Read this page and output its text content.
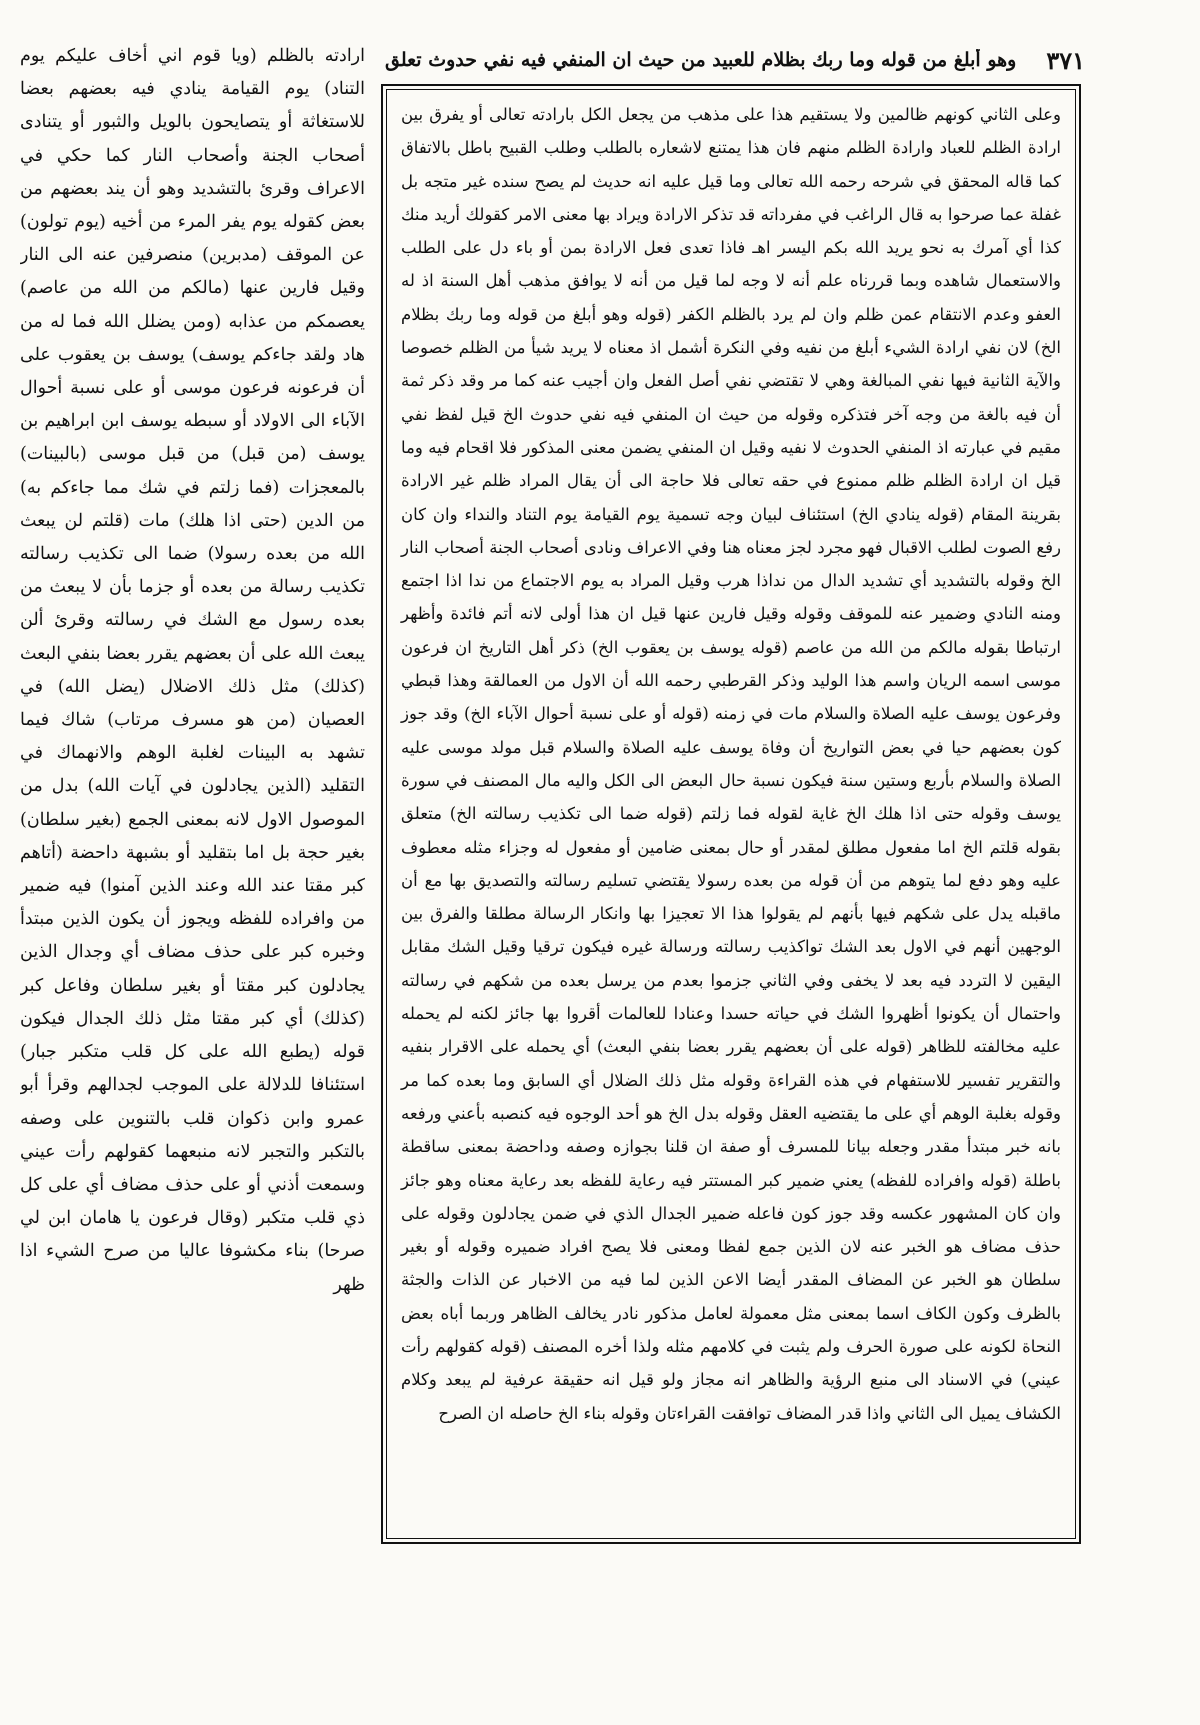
٣٧١
وهو أبلغ من قوله وما ربك بظلام للعبيد من حيث ان المنفي فيه نفي حدوث تعلق

وعلى الثاني كونهم ظالمين ولا يستقيم هذا على مذهب من يجعل الكل بارادته تعالى أو يفرق بين ارادة الظلم للعباد وارادة الظلم منهم فان هذا يمتنع لاشعاره بالطلب وطلب القبيح باطل بالاتفاق كما قاله المحقق في شرحه رحمه الله تعالى وما قيل عليه انه حديث لم يصح سنده غير متجه بل غفلة عما صرحوا به قال الراغب في مفرداته قد تذكر الارادة ويراد بها معنى الامر كقولك أريد منك كذا أي آمرك به نحو يريد الله بكم اليسر اهـ فاذا تعدى فعل الارادة بمن أو باء دل على الطلب والاستعمال شاهده وبما قررناه علم أنه لا وجه لما قيل من أنه لا يوافق مذهب أهل السنة اذ له العفو وعدم الانتقام عمن ظلم وان لم يرد بالظلم الكفر (قوله وهو أبلغ من قوله وما ربك بظلام الخ) لان نفي ارادة الشيء أبلغ من نفيه وفي النكرة أشمل اذ معناه لا يريد شيأ من الظلم خصوصا والآية الثانية فيها نفي المبالغة وهي لا تقتضي نفي أصل الفعل وان أجيب عنه كما مر وقد ذكر ثمة أن فيه بالغة من وجه آخر فتذكره وقوله من حيث ان المنفي فيه نفي حدوث الخ قيل لفظ نفي مقيم في عبارته اذ المنفي الحدوث لا نفيه وقيل ان المنفي يضمن معنى المذكور فلا اقحام فيه وما قيل ان ارادة الظلم ظلم ممنوع في حقه تعالى فلا حاجة الى أن يقال المراد ظلم غير الارادة بقرينة المقام (قوله ينادي الخ) استئناف لبيان وجه تسمية يوم القيامة يوم التناد والنداء وان كان رفع الصوت لطلب الاقبال فهو مجرد لجز معناه هنا وفي الاعراف ونادى أصحاب الجنة أصحاب النار الخ وقوله بالتشديد أي تشديد الدال من نداذا هرب وقيل المراد به يوم الاجتماع من ندا اذا اجتمع ومنه النادي وضمير عنه للموقف وقوله وقيل فارين عنها قيل ان هذا أولى لانه أتم فائدة وأظهر ارتباطا بقوله مالكم من الله من عاصم (قوله يوسف بن يعقوب الخ) ذكر أهل التاريخ ان فرعون موسى اسمه الريان واسم هذا الوليد وذكر القرطبي رحمه الله أن الاول من العمالقة وهذا قبطي وفرعون يوسف عليه الصلاة والسلام مات في زمنه (قوله أو على نسبة أحوال الآباء الخ) وقد جوز كون بعضهم حيا في بعض التواريخ أن وفاة يوسف عليه الصلاة والسلام قبل مولد موسى عليه الصلاة والسلام بأربع وستين سنة فيكون نسبة حال البعض الى الكل واليه مال المصنف في سورة يوسف وقوله حتى اذا هلك الخ غاية لقوله فما زلتم (قوله ضما الى تكذيب رسالته الخ) متعلق بقوله قلتم الخ اما مفعول مطلق لمقدر أو حال بمعنى ضامين أو مفعول له وجزاء مثله معطوف عليه وهو دفع لما يتوهم من أن قوله من بعده رسولا يقتضي تسليم رسالته والتصديق بها مع أن ماقبله يدل على شكهم فيها بأنهم لم يقولوا هذا الا تعجيزا بها وانكار الرسالة مطلقا والفرق بين الوجهين أنهم في الاول بعد الشك تواكذيب رسالته ورسالة غيره فيكون ترقيا وقيل الشك مقابل اليقين لا التردد فيه بعد لا يخفى وفي الثاني جزموا بعدم من يرسل بعده من شكهم في رسالته واحتمال أن يكونوا أظهروا الشك في حياته حسدا وعنادا للعالمات أقروا بها جائز لكنه لم يحمله عليه مخالفته للظاهر (قوله على أن بعضهم يقرر بعضا بنفي البعث) أي يحمله على الاقرار بنفيه والتقرير تفسير للاستفهام في هذه القراءة وقوله مثل ذلك الضلال أي السابق وما بعده كما مر وقوله بغلبة الوهم أي على ما يقتضيه العقل وقوله بدل الخ هو أحد الوجوه فيه كنصبه بأعني ورفعه بانه خبر مبتدأ مقدر وجعله بيانا للمسرف أو صفة ان قلنا بجوازه وصفه وداحضة بمعنى ساقطة باطلة (قوله وافراده للفظه) يعني ضمير كبر المستتر فيه رعاية للفظه بعد رعاية معناه وهو جائز وان كان المشهور عكسه وقد جوز كون فاعله ضمير الجدال الذي في ضمن يجادلون وقوله على حذف مضاف هو الخبر عنه لان الذين جمع لفظا ومعنى فلا يصح افراد ضميره وقوله أو بغير سلطان هو الخبر عن المضاف المقدر أيضا الاعن الذين لما فيه من الاخبار عن الذات والجثة بالظرف وكون الكاف اسما بمعنى مثل معمولة لعامل مذكور نادر يخالف الظاهر وربما أباه بعض النحاة لكونه على صورة الحرف ولم يثبت في كلامهم مثله ولذا أخره المصنف (قوله كقولهم رأت عيني) في الاسناد الى منبع الرؤية والظاهر انه مجاز ولو قيل انه حقيقة عرفية لم يبعد وكلام الكشاف يميل الى الثاني واذا قدر المضاف توافقت القراءتان وقوله بناء الخ حاصله ان الصرح

ارادته بالظلم (ويا قوم اني أخاف عليكم يوم التناد) يوم القيامة ينادي فيه بعضهم بعضا للاستغاثة أو يتصايحون بالويل والثبور أو يتنادى أصحاب الجنة وأصحاب النار كما حكي في الاعراف وقرئ بالتشديد وهو أن يند بعضهم من بعض كقوله يوم يفر المرء من أخيه (يوم تولون) عن الموقف (مدبرين) منصرفين عنه الى النار وقيل فارين عنها (مالكم من الله من عاصم) يعصمكم من عذابه (ومن يضلل الله فما له من هاد ولقد جاءكم يوسف) يوسف بن يعقوب على أن فرعونه فرعون موسى أو على نسبة أحوال الآباء الى الاولاد أو سبطه يوسف ابن ابراهيم بن يوسف (من قبل) من قبل موسى (بالبينات) بالمعجزات (فما زلتم في شك مما جاءكم به) من الدين (حتى اذا هلك) مات (قلتم لن يبعث الله من بعده رسولا) ضما الى تكذيب رسالته تكذيب رسالة من بعده أو جزما بأن لا يبعث من بعده رسول مع الشك في رسالته وقرئ ألن يبعث الله على أن بعضهم يقرر بعضا بنفي البعث (كذلك) مثل ذلك الاضلال (يضل الله) في العصيان (من هو مسرف مرتاب) شاك فيما تشهد به البينات لغلبة الوهم والانهماك في التقليد (الذين يجادلون في آيات الله) بدل من الموصول الاول لانه بمعنى الجمع (بغير سلطان) بغير حجة بل اما بتقليد أو بشبهة داحضة (أتاهم كبر مقتا عند الله وعند الذين آمنوا) فيه ضمير من وافراده للفظه ويجوز أن يكون الذين مبتدأ وخبره كبر على حذف مضاف أي وجدال الذين يجادلون كبر مقتا أو بغير سلطان وفاعل كبر (كذلك) أي كبر مقتا مثل ذلك الجدال فيكون قوله (يطبع الله على كل قلب متكبر جبار) استئنافا للدلالة على الموجب لجدالهم وقرأ أبو عمرو وابن ذكوان قلب بالتنوين على وصفه بالتكبر والتجبر لانه منبعهما كقولهم رأت عيني وسمعت أذني أو على حذف مضاف أي على كل ذي قلب متكبر (وقال فرعون يا هامان ابن لي صرحا) بناء مكشوفا عاليا من صرح الشيء اذا ظهر
